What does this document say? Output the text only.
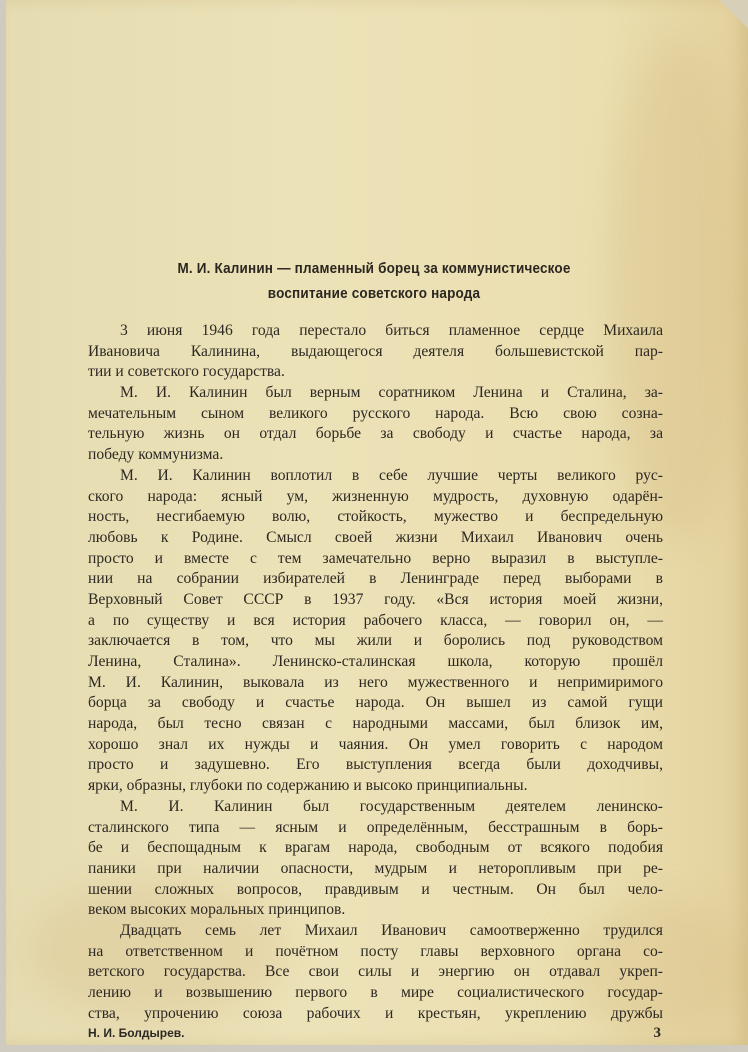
М. И. Калинин — пламенный борец за коммунистическое
воспитание советского народа
3 июня 1946 года перестало биться пламенное сердце Михаила
Ивановича Калинина, выдающегося деятеля большевистской пар-
тии и советского государства.
М. И. Калинин был верным соратником Ленина и Сталина, за-
мечательным сыном великого русского народа. Всю свою созна-
тельную жизнь он отдал борьбе за свободу и счастье народа, за
победу коммунизма.
М. И. Калинин воплотил в себе лучшие черты великого рус-
ского народа: ясный ум, жизненную мудрость, духовную одарён-
ность, несгибаемую волю, стойкость, мужество и беспредельную
любовь к Родине. Смысл своей жизни Михаил Иванович очень
просто и вместе с тем замечательно верно выразил в выступле-
нии на собрании избирателей в Ленинграде перед выборами в
Верховный Совет СССР в 1937 году. «Вся история моей жизни,
а по существу и вся история рабочего класса, — говорил он, —
заключается в том, что мы жили и боролись под руководством
Ленина, Сталина». Ленинско-сталинская школа, которую прошёл
М. И. Калинин, выковала из него мужественного и непримиримого
борца за свободу и счастье народа. Он вышел из самой гущи
народа, был тесно связан с народными массами, был близок им,
хорошо знал их нужды и чаяния. Он умел говорить с народом
просто и задушевно. Его выступления всегда были доходчивы,
ярки, образны, глубоки по содержанию и высоко принципиальны.
М. И. Калинин был государственным деятелем ленинско-
сталинского типа — ясным и определённым, бесстрашным в борь-
бе и беспощадным к врагам народа, свободным от всякого подобия
паники при наличии опасности, мудрым и неторопливым при ре-
шении сложных вопросов, правдивым и честным. Он был чело-
веком высоких моральных принципов.
Двадцать семь лет Михаил Иванович самоотверженно трудился
на ответственном и почётном посту главы верховного органа со-
ветского государства. Все свои силы и энергию он отдавал укреп-
лению и возвышению первого в мире социалистического государ-
ства, упрочению союза рабочих и крестьян, укреплению дружбы
Н. И. Болдырев.	3
